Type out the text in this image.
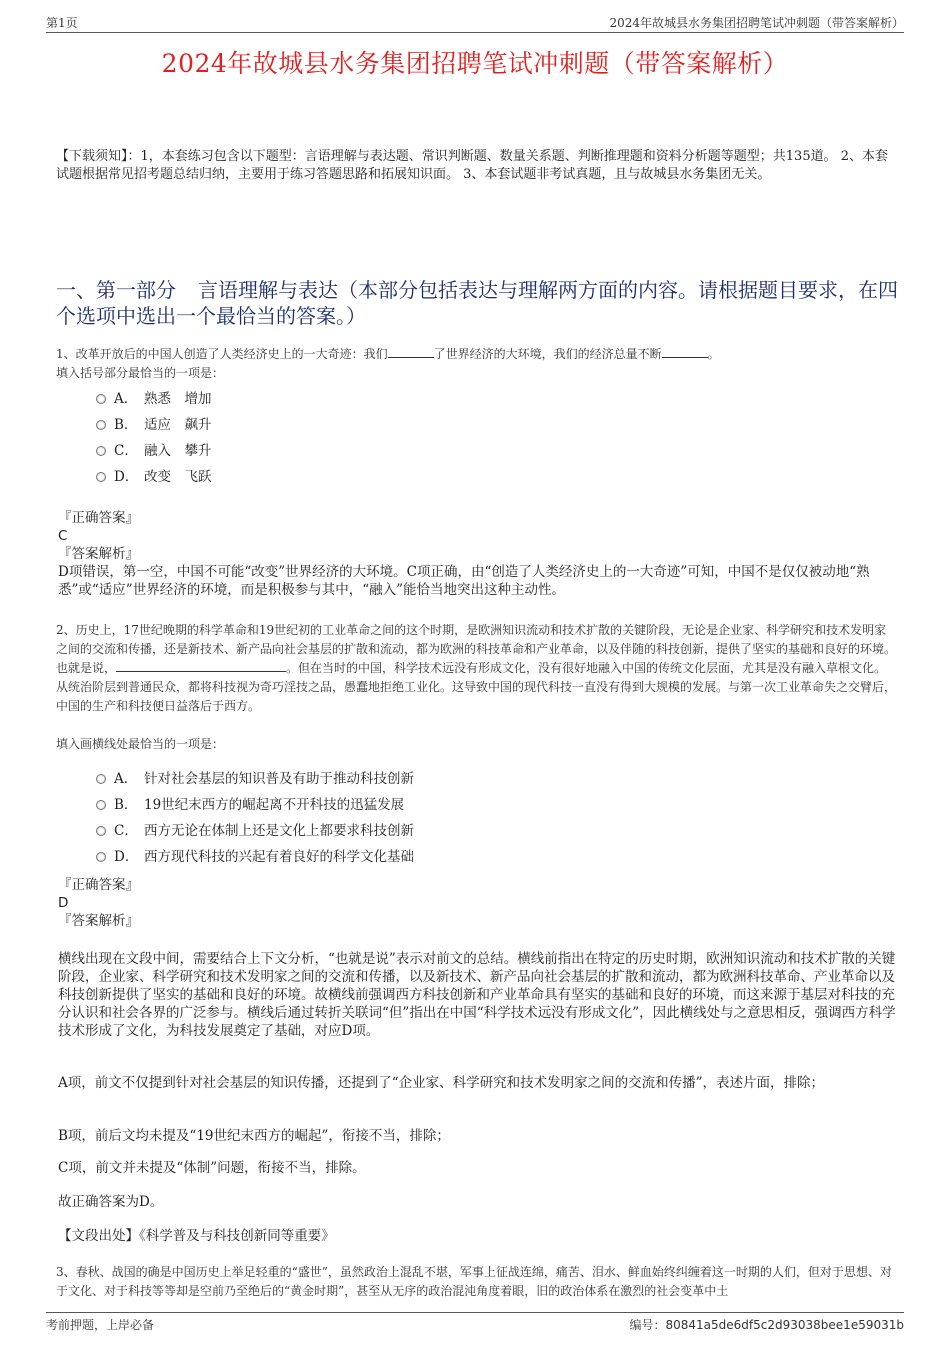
第1页	2024年故城县水务集团招聘笔试冲刺题（带答案解析）
2024年故城县水务集团招聘笔试冲刺题（带答案解析）
【下载须知】：1，本套练习包含以下题型：言语理解与表达题、常识判断题、数量关系题、判断推理题和资料分析题等题型；共135道。 2、本套试题根据常见招考题总结归纳，主要用于练习答题思路和拓展知识面。 3、本套试题非考试真题，且与故城县水务集团无关。
一、第一部分 言语理解与表达（本部分包括表达与理解两方面的内容。请根据题目要求，在四个选项中选出一个最恰当的答案。）
1、改革开放后的中国人创造了人类经济史上的一大奇迹：我们	了世界经济的大环境，我们的经济总量不断	。
填入括号部分最恰当的一项是：
A． 熟悉　增加
B． 适应　飙升
C． 融入　攀升
D． 改变　飞跃
『正确答案』
C
『答案解析』
D项错误，第一空，中国不可能“改变”世界经济的大环境。C项正确，由“创造了人类经济史上的一大奇迹”可知，中国不是仅仅被动地“熟悉”或“适应”世界经济的环境，而是积极参与其中，“融入”能恰当地突出这种主动性。
2、历史上，17世纪晚期的科学革命和19世纪初的工业革命之间的这个时期，是欧洲知识流动和技术扩散的关键阶段，无论是企业家、科学研究和技术发明家之间的交流和传播，还是新技术、新产品向社会基层的扩散和流动，都为欧洲的科技革命和产业革命，以及伴随的科技创新，提供了坚实的基础和良好的环境。也就是说，	。但在当时的中国，科学技术远没有形成文化，没有很好地融入中国的传统文化层面，尤其是没有融入草根文化。从统治阶层到普通民众，都将科技视为奇巧淫技之品，愚蠢地拒绝工业化。这导致中国的现代科技一直没有得到大规模的发展。与第一次工业革命失之交臂后，中国的生产和科技便日益落后于西方。
填入画横线处最恰当的一项是：
A． 针对社会基层的知识普及有助于推动科技创新
B． 19世纪末西方的崛起离不开科技的迅猛发展
C． 西方无论在体制上还是文化上都要求科技创新
D． 西方现代科技的兴起有着良好的科学文化基础
『正确答案』
D
『答案解析』
横线出现在文段中间，需要结合上下文分析，“也就是说”表示对前文的总结。横线前指出在特定的历史时期，欧洲知识流动和技术扩散的关键阶段，企业家、科学研究和技术发明家之间的交流和传播，以及新技术、新产品向社会基层的扩散和流动，都为欧洲科技革命、产业革命以及科技创新提供了坚实的基础和良好的环境。故横线前强调西方科技创新和产业革命具有坚实的基础和良好的环境，而这来源于基层对科技的充分认识和社会各界的广泛参与。横线后通过转折关联词“但”指出在中国“科学技术远没有形成文化”，因此横线处与之意思相反，强调西方科学技术形成了文化，为科技发展奠定了基础，对应D项。
A项，前文不仅提到针对社会基层的知识传播，还提到了“企业家、科学研究和技术发明家之间的交流和传播”，表述片面，排除；
B项，前后文均未提及“19世纪末西方的崛起”，衔接不当，排除；
C项，前文并未提及“体制”问题，衔接不当，排除。
故正确答案为D。
【文段出处】《科学普及与科技创新同等重要》
3、春秋、战国的确是中国历史上举足轻重的“盛世”，虽然政治上混乱不堪，军事上征战连绵，痛苦、泪水、鲜血始终纠缠着这一时期的人们，但对于思想、对于文化、对于科技等等却是空前乃至绝后的“黄金时期”，甚至从无序的政治混沌角度着眼，旧的政治体系在激烈的社会变革中土
考前押题，上岸必备	编号：80841a5de6df5c2d93038bee1e59031b
